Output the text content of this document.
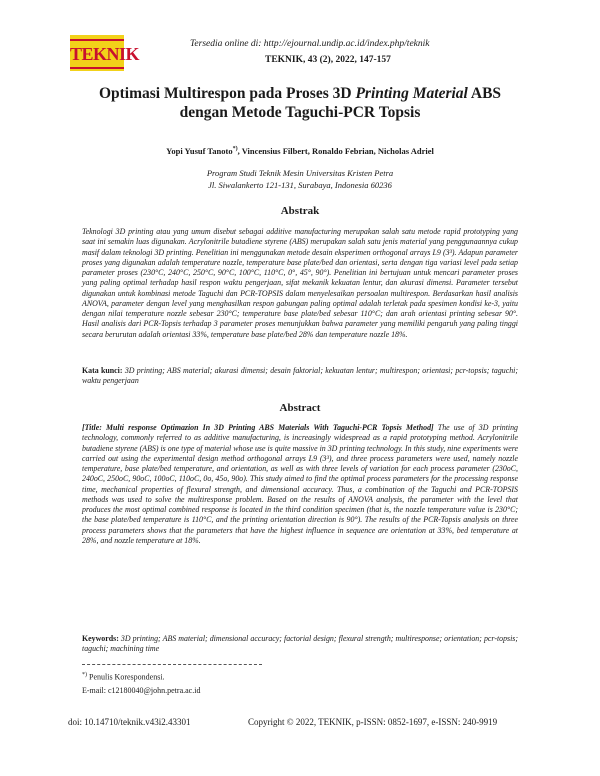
TEKNIK	Tersedia online di: http://ejournal.undip.ac.id/index.php/teknik
TEKNIK, 43 (2), 2022, 147-157
Optimasi Multirespon pada Proses 3D Printing Material ABS
dengan Metode Taguchi-PCR Topsis
Yopi Yusuf Tanoto*), Vincensius Filbert, Ronaldo Febrian, Nicholas Adriel
Program Studi Teknik Mesin Universitas Kristen Petra
Jl. Siwalankerto 121-131, Surabaya, Indonesia 60236
Abstrak
Teknologi 3D printing atau yang umum disebut sebagai additive manufacturing merupakan salah satu metode rapid prototyping yang saat ini semakin luas digunakan. Acrylonitrile butadiene styrene (ABS) merupakan salah satu jenis material yang penggunaannya cukup masif dalam teknologi 3D printing. Penelitian ini menggunakan metode desain eksperimen orthogonal arrays L9 (3³). Adapun parameter proses yang digunakan adalah temperature nozzle, temperature base plate/bed dan orientasi, serta dengan tiga variasi level pada setiap parameter proses (230°C, 240°C, 250°C, 90°C, 100°C, 110°C, 0°, 45°, 90°). Penelitian ini bertujuan untuk mencari parameter proses yang paling optimal terhadap hasil respon waktu pengerjaan, sifat mekanik kekuatan lentur, dan akurasi dimensi. Parameter tersebut digunakan untuk kombinasi metode Taguchi dan PCR-TOPSIS dalam menyelesaikan persoalan multirespon. Berdasarkan hasil analisis ANOVA, parameter dengan level yang menghasilkan respon gabungan paling optimal adalah terletak pada spesimen kondisi ke-3, yaitu dengan nilai temperature nozzle sebesar 230°C; temperature base plate/bed sebesar 110°C; dan arah orientasi printing sebesar 90°. Hasil analisis dari PCR-Topsis terhadap 3 parameter proses menunjukkan bahwa parameter yang memiliki pengaruh yang paling tinggi secara berurutan adalah orientasi 33%, temperature base plate/bed 28% dan temperature nozzle 18%.
Kata kunci: 3D printing; ABS material; akurasi dimensi; desain faktorial; kekuatan lentur; multirespon; orientasi; pcr-topsis; taguchi; waktu pengerjaan
Abstract
[Title: Multi response Optimazion In 3D Printing ABS Materials With Taguchi-PCR Topsis Method] The use of 3D printing technology, commonly referred to as additive manufacturing, is increasingly widespread as a rapid prototyping method. Acrylonitrile butadiene styrene (ABS) is one type of material whose use is quite massive in 3D printing technology. In this study, nine experiments were carried out using the experimental design method orthogonal arrays L9 (3³), and three process parameters were used, namely nozzle temperature, base plate/bed temperature, and orientation, as well as with three levels of variation for each process parameter (230oC, 240oC, 250oC, 90oC, 100oC, 110oC, 0o, 45o, 90o). This study aimed to find the optimal process parameters for the processing response time, mechanical properties of flexural strength, and dimensional accuracy. Thus, a combination of the Taguchi and PCR-TOPSIS methods was used to solve the multiresponse problem. Based on the results of ANOVA analysis, the parameter with the level that produces the most optimal combined response is located in the third condition specimen (that is, the nozzle temperature value is 230°C; the base plate/bed temperature is 110°C, and the printing orientation direction is 90°). The results of the PCR-Topsis analysis on three process parameters shows that the parameters that have the highest influence in sequence are orientation at 33%, bed temperature at 28%, and nozzle temperature at 18%.
Keywords: 3D printing; ABS material; dimensional accuracy; factorial design; flexural strength; multiresponse; orientation; pcr-topsis; taguchi; machining time
*) Penulis Korespondensi.
E-mail: c12180040@john.petra.ac.id
doi: 10.14710/teknik.v43i2.43301	Copyright © 2022, TEKNIK, p-ISSN: 0852-1697, e-ISSN: 240-9919
